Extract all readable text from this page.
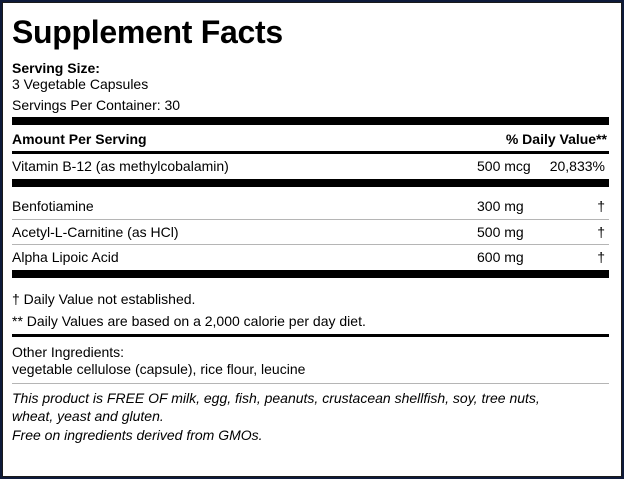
Supplement Facts
Serving Size:
3 Vegetable Capsules
Servings Per Container: 30
Amount Per Serving	% Daily Value**
Vitamin B-12 (as methylcobalamin)	500 mcg 20,833%
Benfotiamine	300 mg	†
Acetyl-L-Carnitine (as HCl)	500 mg	†
Alpha Lipoic Acid	600 mg	†
† Daily Value not established.
** Daily Values are based on a 2,000 calorie per day diet.
Other Ingredients:
vegetable cellulose (capsule), rice flour, leucine
This product is FREE OF milk, egg, fish, peanuts, crustacean shellfish, soy, tree nuts,
wheat, yeast and gluten.
Free on ingredients derived from GMOs.
